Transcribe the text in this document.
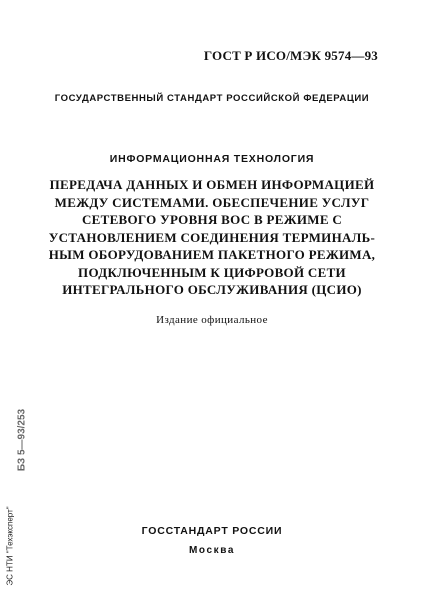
ГОСТ Р ИСО/МЭК 9574—93
ГОСУДАРСТВЕННЫЙ СТАНДАРТ РОССИЙСКОЙ ФЕДЕРАЦИИ
ИНФОРМАЦИОННАЯ ТЕХНОЛОГИЯ
ПЕРЕДАЧА ДАННЫХ И ОБМЕН ИНФОРМАЦИЕЙ
МЕЖДУ СИСТЕМАМИ. ОБЕСПЕЧЕНИЕ УСЛУГ
СЕТЕВОГО УРОВНЯ ВОС В РЕЖИМЕ С
УСТАНОВЛЕНИЕМ СОЕДИНЕНИЯ ТЕРМИНАЛЬ-
НЫМ ОБОРУДОВАНИЕМ ПАКЕТНОГО РЕЖИМА,
ПОДКЛЮЧЕННЫМ К ЦИФРОВОЙ СЕТИ
ИНТЕГРАЛЬНОГО ОБСЛУЖИВАНИЯ (ЦСИО)
Издание официальное
БЗ 5—93/253
ЭС НТИ "Техэксперт"	ГОССТАНДАРТ РОССИИ
Москва
